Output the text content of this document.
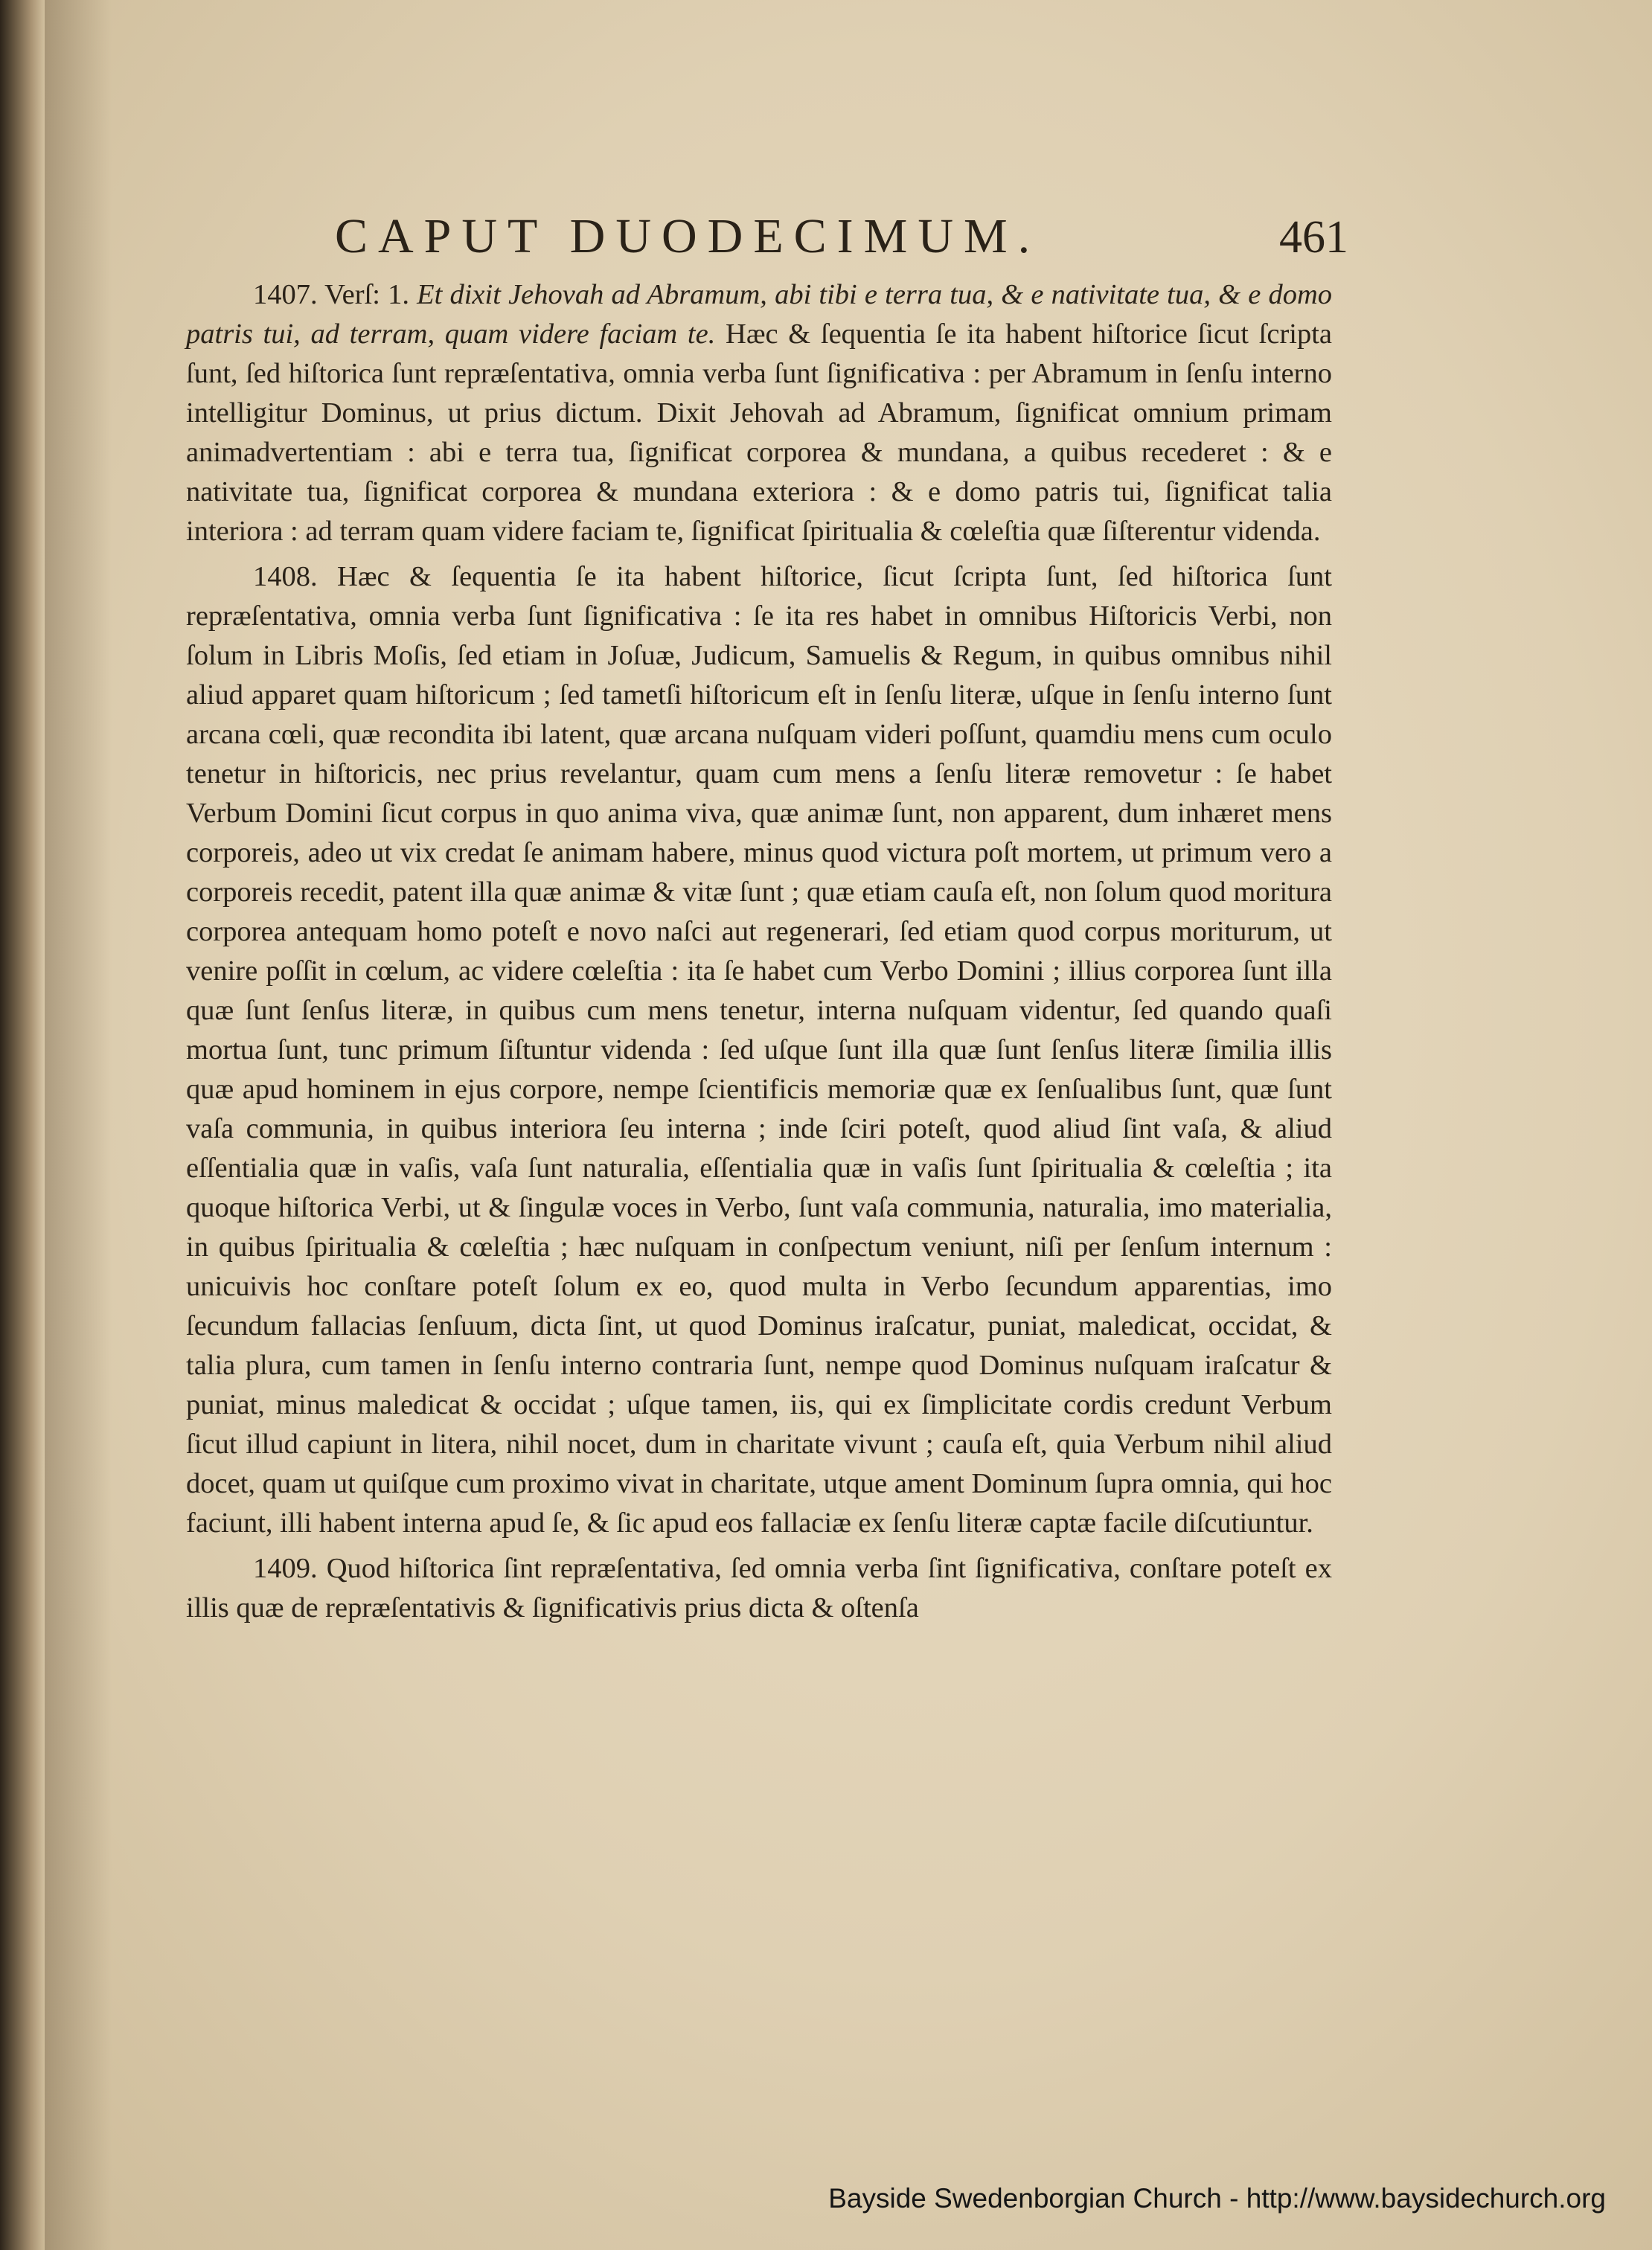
CAPUT DUODECIMUM.	461

1407. Verſ: 1. Et dixit Jehovah ad Abramum, abi tibi e terra tua, & e nativitate tua, & e domo patris tui, ad terram, quam videre faciam te. Hæc & ſequentia ſe ita habent hiſtorice ſicut ſcripta ſunt, ſed hiſtorica ſunt repræſentativa, omnia verba ſunt ſignificativa : per Abramum in ſenſu interno intelligitur Dominus, ut prius dictum. Dixit Jehovah ad Abramum, ſignificat omnium primam animadvertentiam : abi e terra tua, ſignificat corporea & mundana, a quibus recederet : & e nativitate tua, ſignificat corporea & mundana exteriora : & e domo patris tui, ſignificat talia interiora : ad terram quam videre faciam te, ſignificat ſpiritualia & cœleſtia quæ ſiſterentur videnda.

1408. Hæc & ſequentia ſe ita habent hiſtorice, ſicut ſcripta ſunt, ſed hiſtorica ſunt repræſentativa, omnia verba ſunt ſignificativa : ſe ita res habet in omnibus Hiſtoricis Verbi, non ſolum in Libris Moſis, ſed etiam in Joſuæ, Judicum, Samuelis & Regum, in quibus omnibus nihil aliud apparet quam hiſtoricum ; ſed tametſi hiſtoricum eſt in ſenſu literæ, uſque in ſenſu interno ſunt arcana cœli, quæ recondita ibi latent, quæ arcana nuſquam videri poſſunt, quamdiu mens cum oculo tenetur in hiſtoricis, nec prius revelantur, quam cum mens a ſenſu literæ removetur : ſe habet Verbum Domini ſicut corpus in quo anima viva, quæ animæ ſunt, non apparent, dum inhæret mens corporeis, adeo ut vix credat ſe animam habere, minus quod victura poſt mortem, ut primum vero a corporeis recedit, patent illa quæ animæ & vitæ ſunt ; quæ etiam cauſa eſt, non ſolum quod moritura corporea antequam homo poteſt e novo naſci aut regenerari, ſed etiam quod corpus moriturum, ut venire poſſit in cœlum, ac videre cœleſtia : ita ſe habet cum Verbo Domini ; illius corporea ſunt illa quæ ſunt ſenſus literæ, in quibus cum mens tenetur, interna nuſquam videntur, ſed quando quaſi mortua ſunt, tunc primum ſiſtuntur videnda : ſed uſque ſunt illa quæ ſunt ſenſus literæ ſimilia illis quæ apud hominem in ejus corpore, nempe ſcientificis memoriæ quæ ex ſenſualibus ſunt, quæ ſunt vaſa communia, in quibus interiora ſeu interna ; inde ſciri poteſt, quod aliud ſint vaſa, & aliud eſſentialia quæ in vaſis, vaſa ſunt naturalia, eſſentialia quæ in vaſis ſunt ſpiritualia & cœleſtia ; ita quoque hiſtorica Verbi, ut & ſingulæ voces in Verbo, ſunt vaſa communia, naturalia, imo materialia, in quibus ſpiritualia & cœleſtia ; hæc nuſquam in conſpectum veniunt, niſi per ſenſum internum : unicuivis hoc conſtare poteſt ſolum ex eo, quod multa in Verbo ſecundum apparentias, imo ſecundum fallacias ſenſuum, dicta ſint, ut quod Dominus iraſcatur, puniat, maledicat, occidat, & talia plura, cum tamen in ſenſu interno contraria ſunt, nempe quod Dominus nuſquam iraſcatur & puniat, minus maledicat & occidat ; uſque tamen, iis, qui ex ſimplicitate cordis credunt Verbum ſicut illud capiunt in litera, nihil nocet, dum in charitate vivunt ; cauſa eſt, quia Verbum nihil aliud docet, quam ut quiſque cum proximo vivat in charitate, utque ament Dominum ſupra omnia, qui hoc faciunt, illi habent interna apud ſe, & ſic apud eos fallaciæ ex ſenſu literæ captæ facile diſcutiuntur.

1409. Quod hiſtorica ſint repræſentativa, ſed omnia verba ſint ſignificativa, conſtare poteſt ex illis quæ de repræſentativis & ſignificativis prius dicta & oſtenſa

Bayside Swedenborgian Church - http://www.baysidechurch.org
